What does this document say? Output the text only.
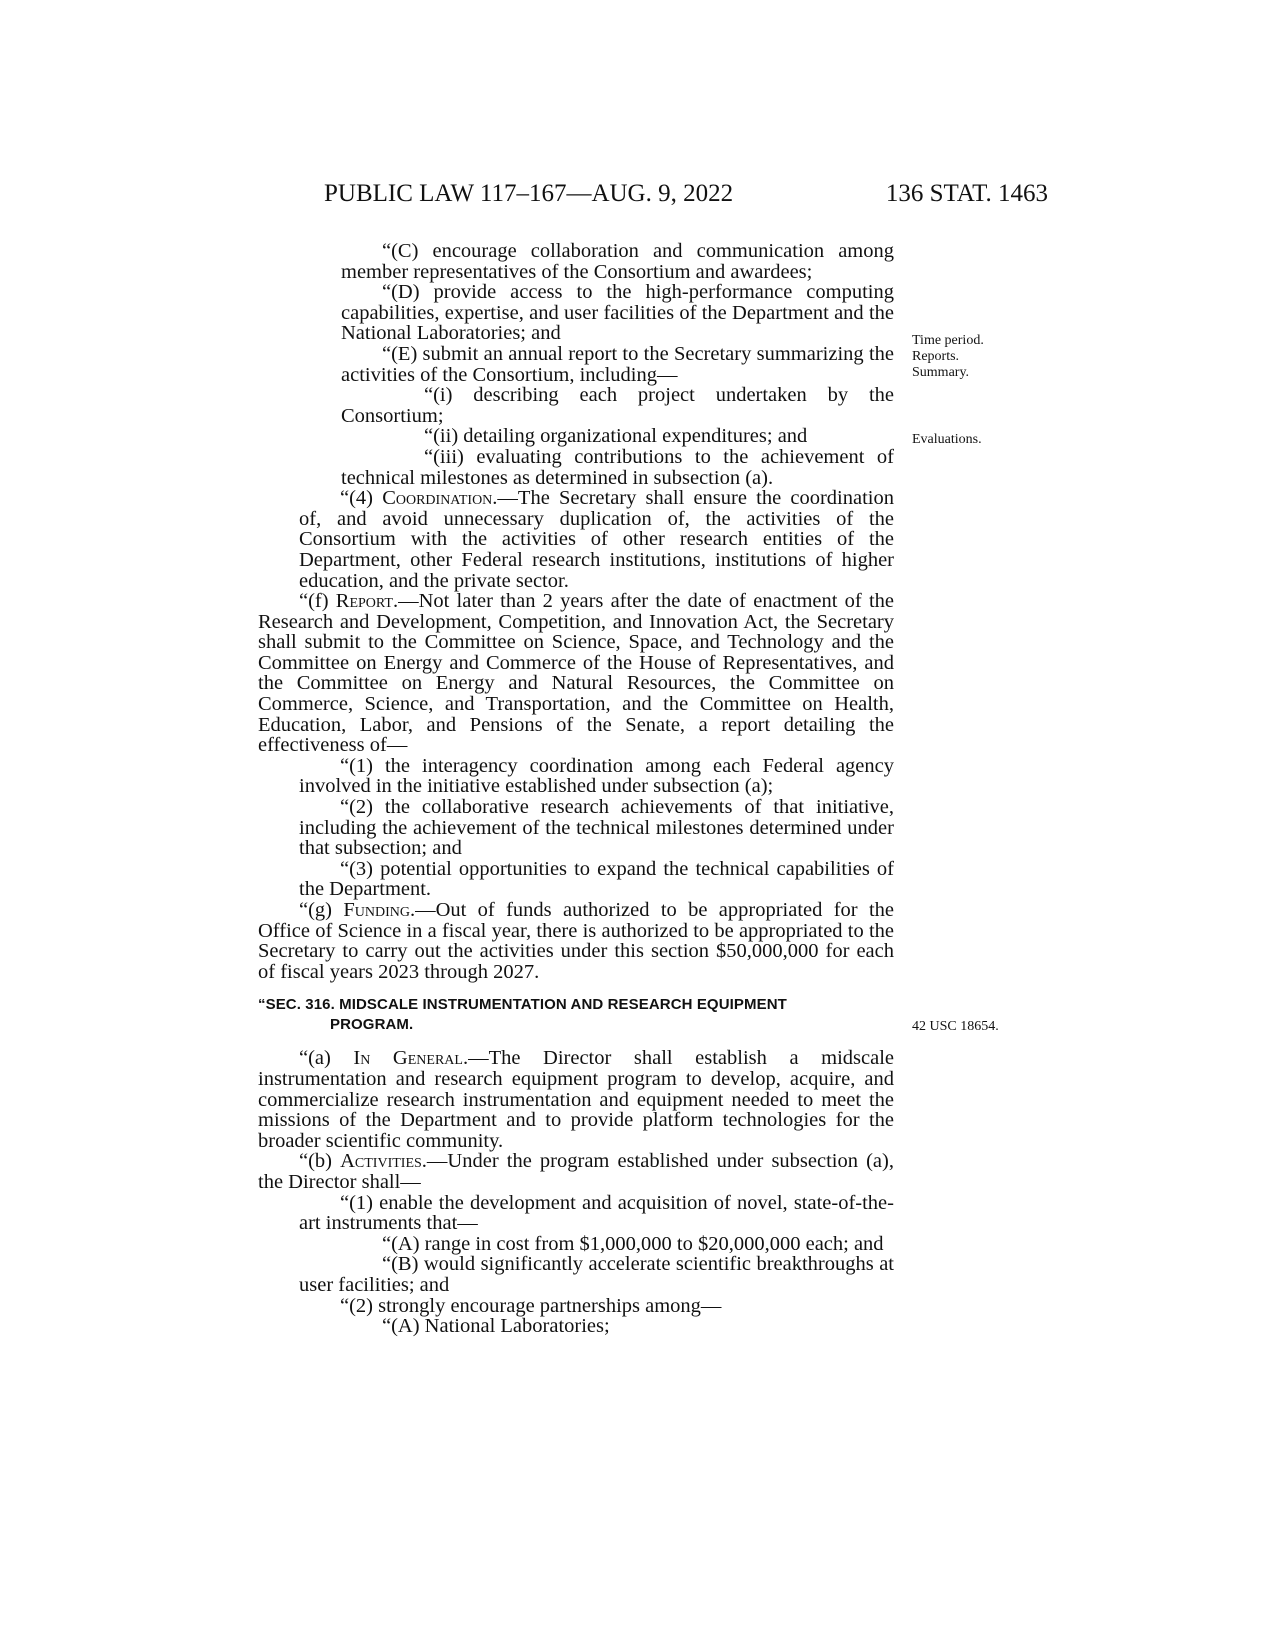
PUBLIC LAW 117–167—AUG. 9, 2022	136 STAT. 1463
Time period.
Reports.
Summary.
Evaluations.
42 USC 18654.

“(C) encourage collaboration and communication among member representatives of the Consortium and awardees;

“(D) provide access to the high-performance computing capabilities, expertise, and user facilities of the Department and the National Laboratories; and

“(E) submit an annual report to the Secretary summarizing the activities of the Consortium, including—

“(i) describing each project undertaken by the Consortium;

“(ii) detailing organizational expenditures; and

“(iii) evaluating contributions to the achievement of technical milestones as determined in subsection (a).

“(4) Coordination.—The Secretary shall ensure the coordination of, and avoid unnecessary duplication of, the activities of the Consortium with the activities of other research entities of the Department, other Federal research institutions, institutions of higher education, and the private sector.

“(f) Report.—Not later than 2 years after the date of enactment of the Research and Development, Competition, and Innovation Act, the Secretary shall submit to the Committee on Science, Space, and Technology and the Committee on Energy and Commerce of the House of Representatives, and the Committee on Energy and Natural Resources, the Committee on Commerce, Science, and Transportation, and the Committee on Health, Education, Labor, and Pensions of the Senate, a report detailing the effectiveness of—

“(1) the interagency coordination among each Federal agency involved in the initiative established under subsection (a);

“(2) the collaborative research achievements of that initiative, including the achievement of the technical milestones determined under that subsection; and

“(3) potential opportunities to expand the technical capabilities of the Department.

“(g) Funding.—Out of funds authorized to be appropriated for the Office of Science in a fiscal year, there is authorized to be appropriated to the Secretary to carry out the activities under this section $50,000,000 for each of fiscal years 2023 through 2027.

“SEC. 316. MIDSCALE INSTRUMENTATION AND RESEARCH EQUIPMENT
PROGRAM.

“(a) In General.—The Director shall establish a midscale instrumentation and research equipment program to develop, acquire, and commercialize research instrumentation and equipment needed to meet the missions of the Department and to provide platform technologies for the broader scientific community.

“(b) Activities.—Under the program established under subsection (a), the Director shall—

“(1) enable the development and acquisition of novel, state-of-the-art instruments that—

“(A) range in cost from $1,000,000 to $20,000,000 each; and

“(B) would significantly accelerate scientific breakthroughs at user facilities; and

“(2) strongly encourage partnerships among—

“(A) National Laboratories;
